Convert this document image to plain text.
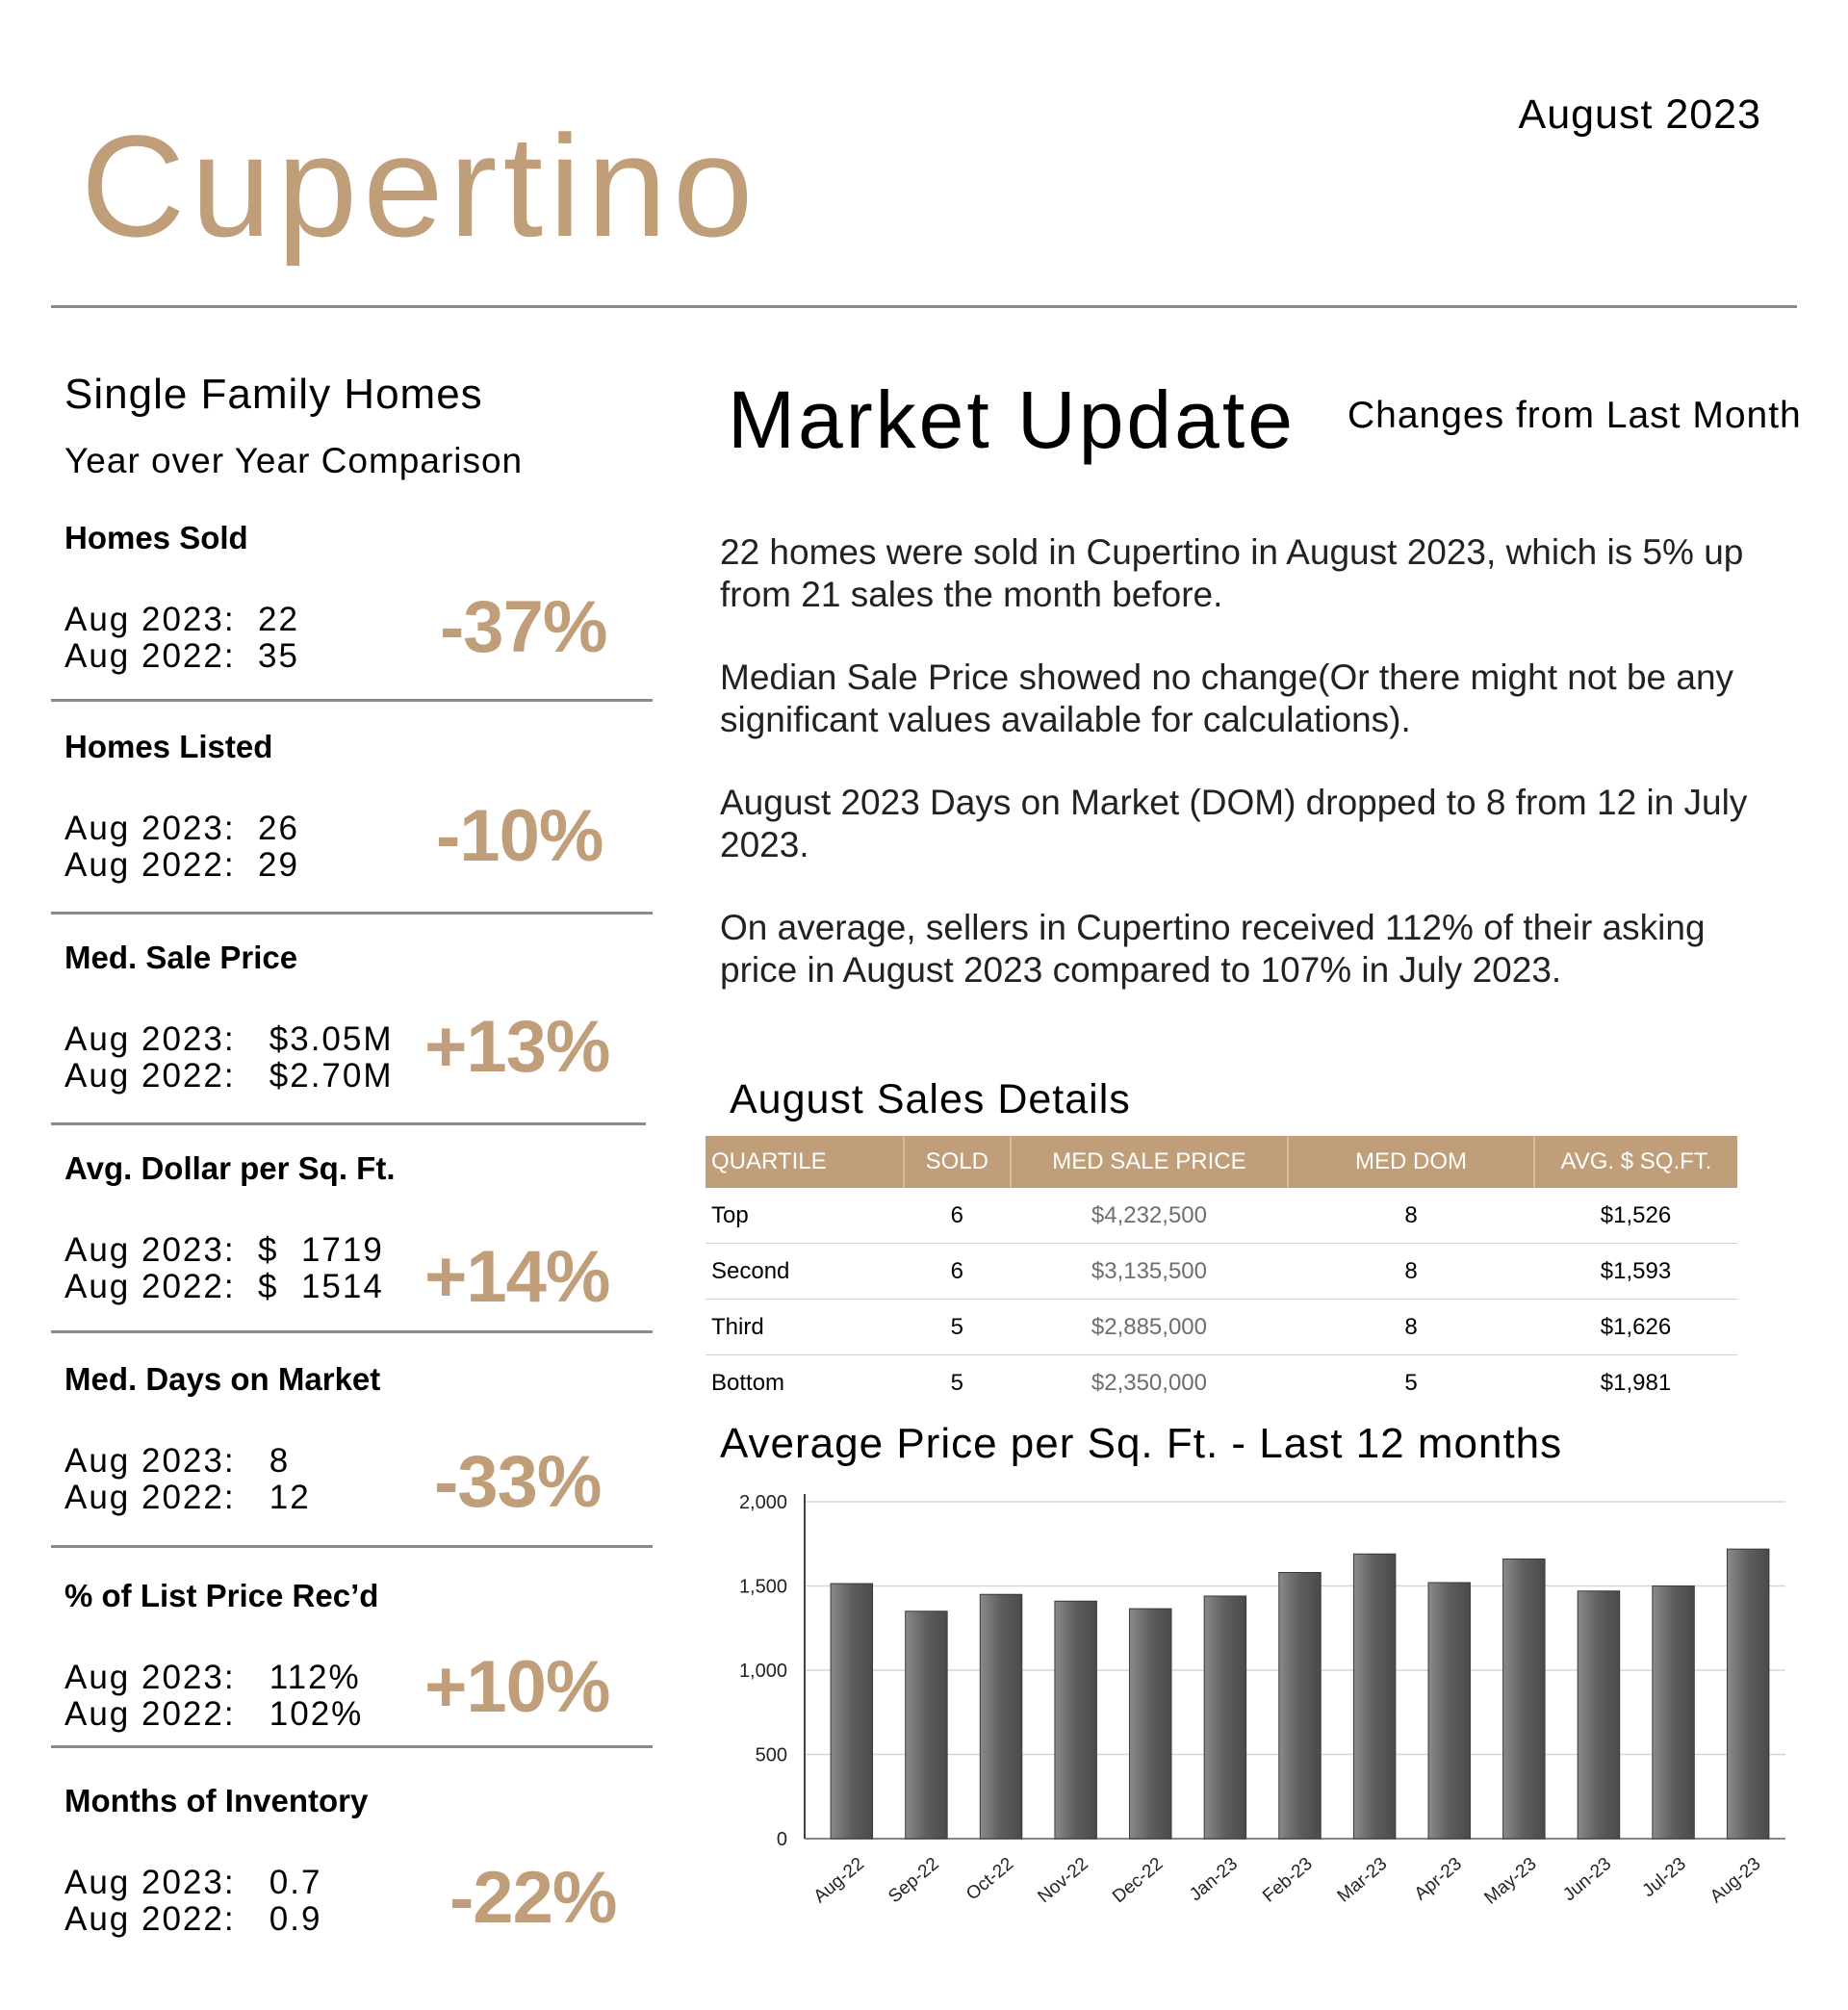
August 2023
Cupertino
Single Family Homes
Year over Year Comparison
Homes Sold
Aug 2023:  22
Aug 2022:  35 -37%
Homes Listed
Aug 2023:  26
Aug 2022:  29 -10%
Med. Sale Price
Aug 2023:   $3.05M
Aug 2022:   $2.70M +13%
Avg. Dollar per Sq. Ft.
Aug 2023:  $  1719
Aug 2022:  $  1514 +14%
Med. Days on Market
Aug 2023:   8
Aug 2022:   12 -33%
% of List Price Rec’d
Aug 2023:   112%
Aug 2022:   102% +10%
Months of Inventory
Aug 2023:   0.7
Aug 2022:   0.9 -22%
Market Update Changes from Last Month
22 homes were sold in Cupertino in August 2023, which is 5% up from 21 sales the month before.
Median Sale Price showed no change(Or there might not be any significant values available for calculations).
August 2023 Days on Market (DOM) dropped to 8 from 12 in July 2023.
On average, sellers in Cupertino received 112% of their asking price in August 2023 compared to 107% in July 2023.
August Sales Details
QUARTILE	SOLD	MED SALE PRICE	MED DOM	AVG. $ SQ.FT.
Top	6	$4,232,500	8	$1,526
Second	6	$3,135,500	8	$1,593
Third	5	$2,885,000	8	$1,626
Bottom	5	$2,350,000	5	$1,981
Average Price per Sq. Ft. - Last 12 months
0
500
1,000
1,500
2,000
Aug-22 Sep-22 Oct-22 Nov-22 Dec-22 Jan-23 Feb-23 Mar-23 Apr-23 May-23 Jun-23 Jul-23 Aug-23
